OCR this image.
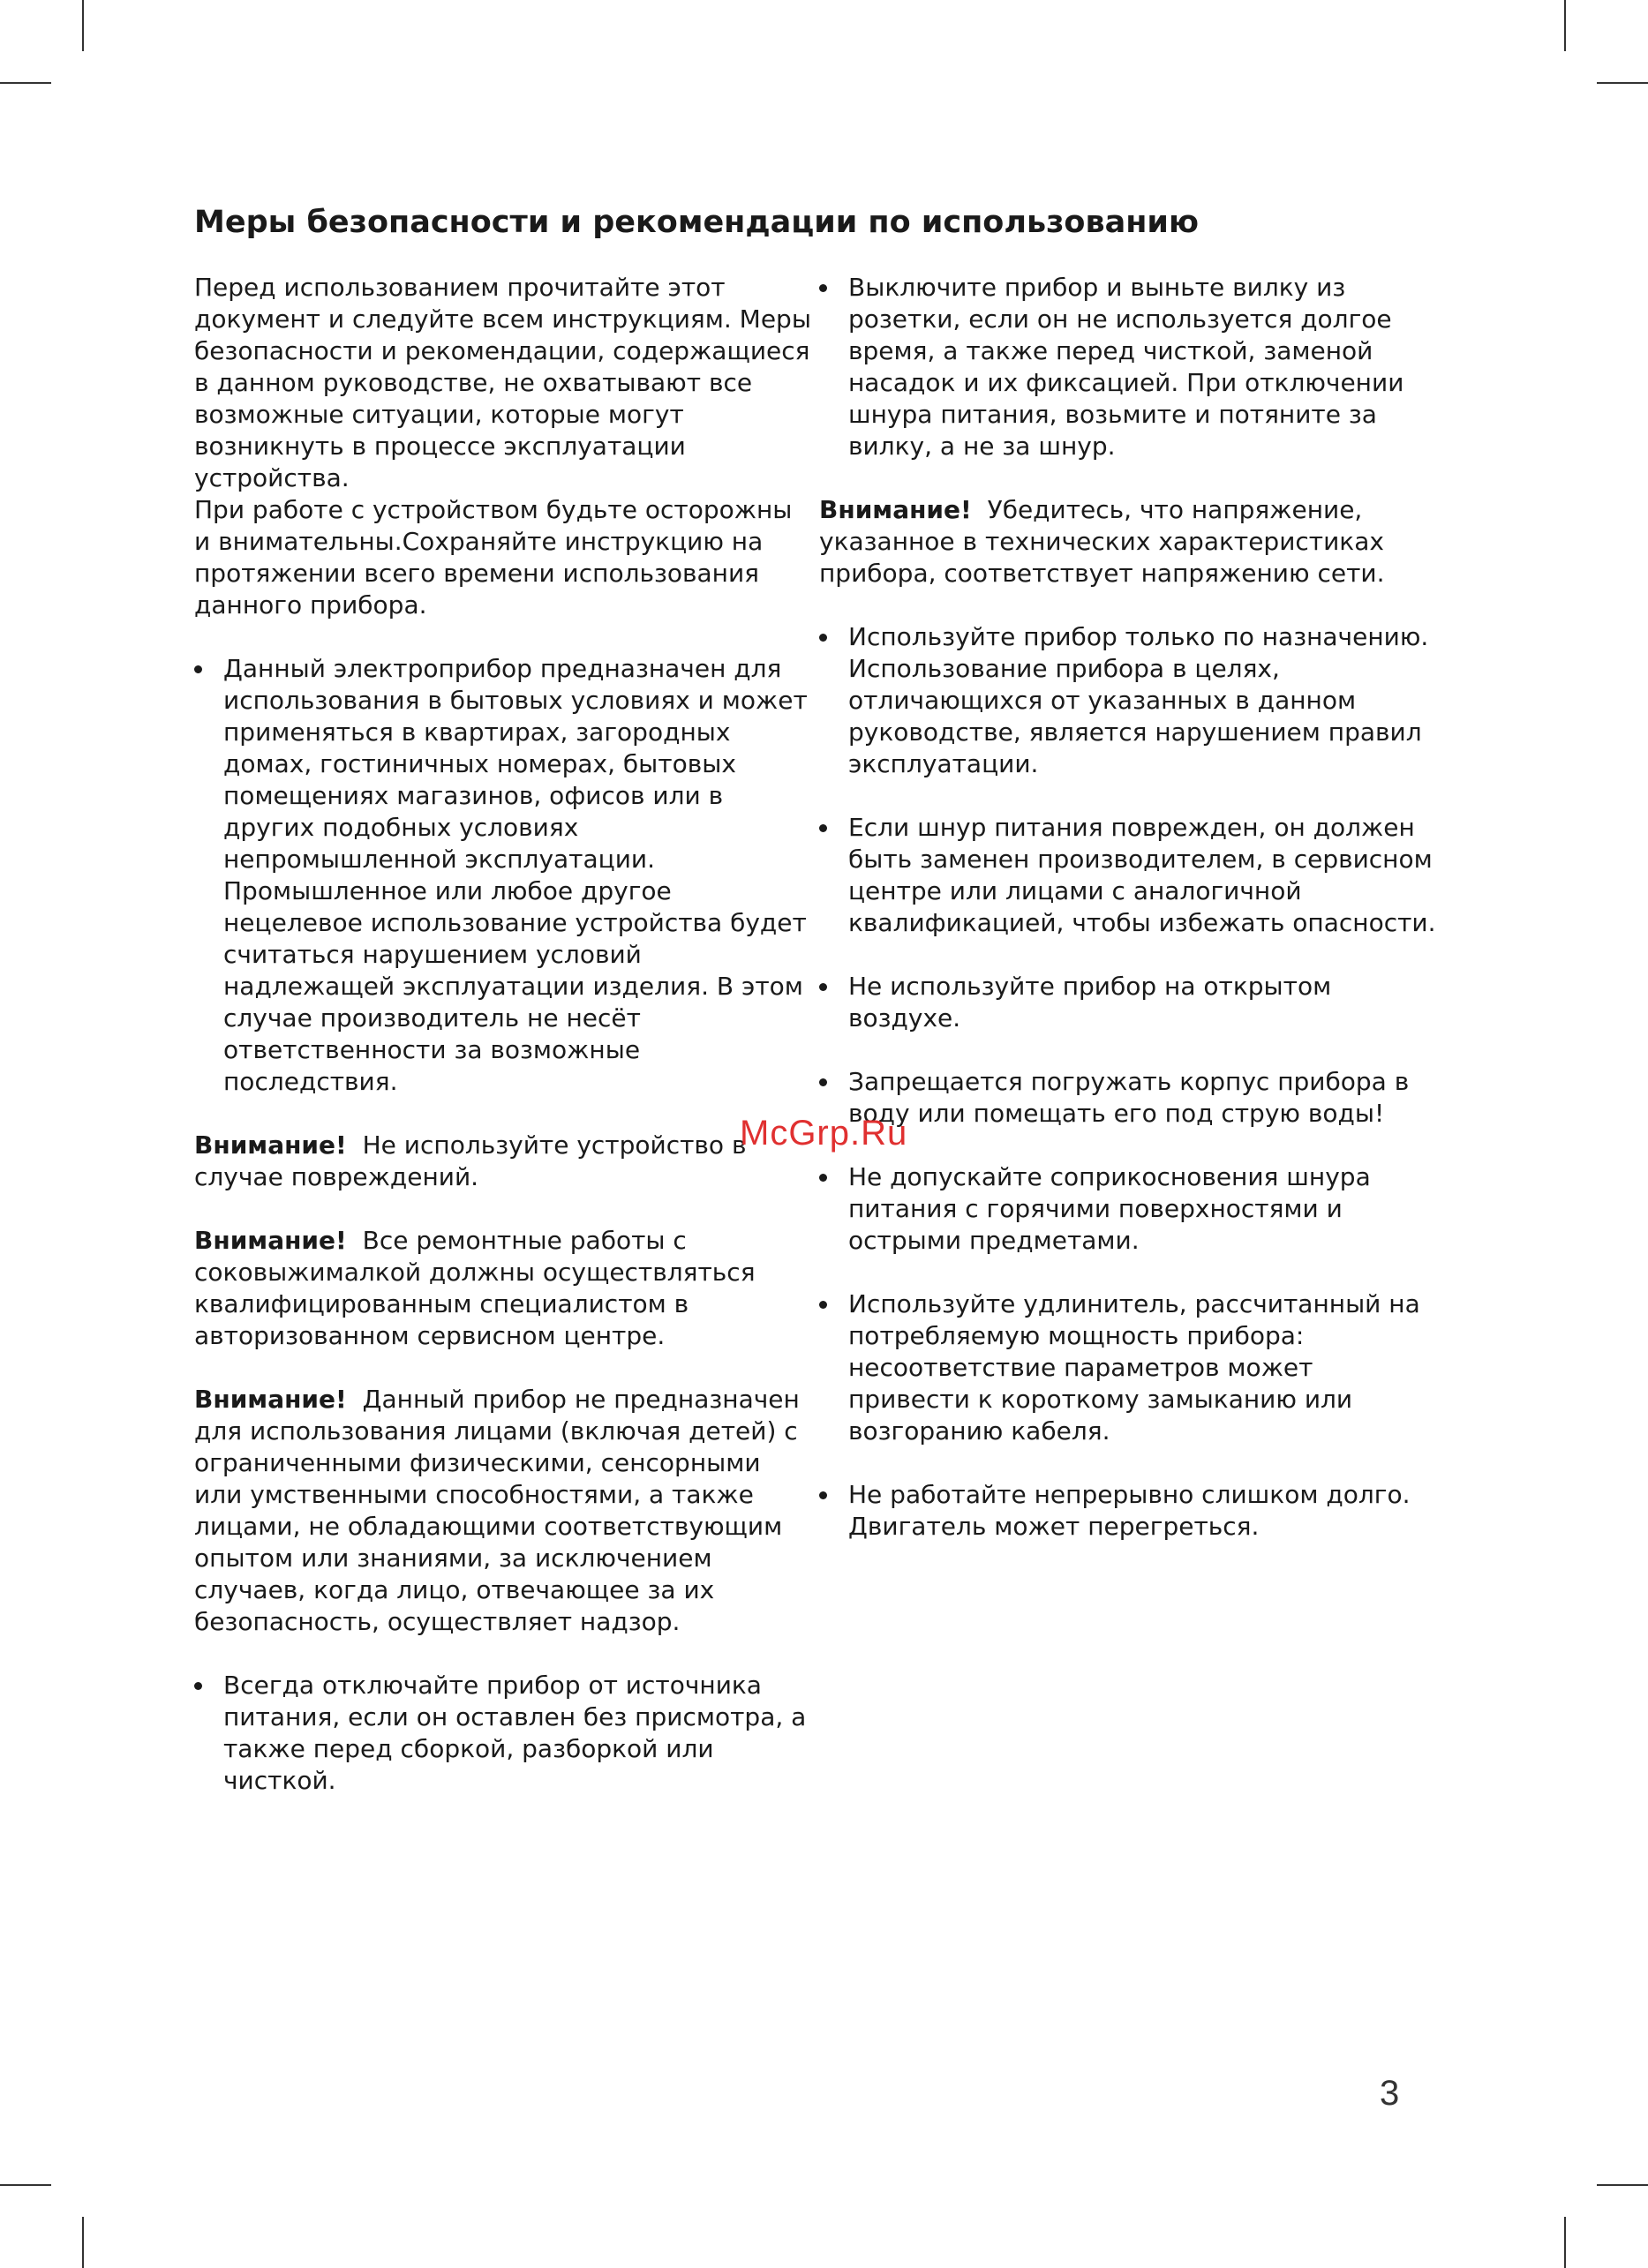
Меры безопасности и рекомендации по использованию

Перед использованием прочитайте этот документ и следуйте всем инструкциям. Меры безопасности и рекомендации, содержащиеся в данном руководстве, не охватывают все возможные ситуации, которые могут возникнуть в процессе эксплуатации устройства.

При работе с устройством будьте осторожны и внимательны.Сохраняйте инструкцию на протяжении всего времени использования данного прибора.

Данный электроприбор предназначен для использования в бытовых условиях и может применяться в квартирах, загородных домах, гостиничных номерах, бытовых помещениях магазинов, офисов или в других подобных условиях непромышленной эксплуатации. Промышленное или любое другое нецелевое использование устройства будет считаться нарушением условий надлежащей эксплуатации изделия. В этом случае производитель не несёт ответственности за возможные последствия.

Внимание! Не используйте устройство в случае повреждений.

Внимание! Все ремонтные работы с соковыжималкой должны осуществляться квалифицированным специалистом в авторизованном сервисном центре.

Внимание! Данный прибор не предназначен для использования лицами (включая детей) с ограниченными физическими, сенсорными или умственными способностями, а также лицами, не обладающими соответствующим опытом или знаниями, за исключением случаев, когда лицо, отвечающее за их безопасность, осуществляет надзор.

Всегда отключайте прибор от источника питания, если он оставлен без присмотра, а также перед сборкой, разборкой или чисткой.
Выключите прибор и выньте вилку из розетки, если он не используется долгое время, а также перед чисткой, заменой насадок и их фиксацией. При отключении шнура питания, возьмите и потяните за вилку, а не за шнур.

Внимание! Убедитесь, что напряжение, указанное в технических характеристиках прибора, соответствует напряжению сети.

Используйте прибор только по назначению. Использование прибора в целях, отличающихся от указанных в данном руководстве, является нарушением правил эксплуатации.
Если шнур питания поврежден, он должен быть заменен производителем, в сервисном центре или лицами с аналогичной квалификацией, чтобы избежать опасности.
Не используйте прибор на открытом воздухе.
Запрещается погружать корпус прибора в воду или помещать его под струю воды!
Не допускайте соприкосновения шнура питания с горячими поверхностями и острыми предметами.
Используйте удлинитель, рассчитанный на потребляемую мощность прибора: несоответствие параметров может привести к короткому замыканию или возгоранию кабеля.
Не работайте непрерывно слишком долго. Двигатель может перегреться.
McGrp.Ru
3
